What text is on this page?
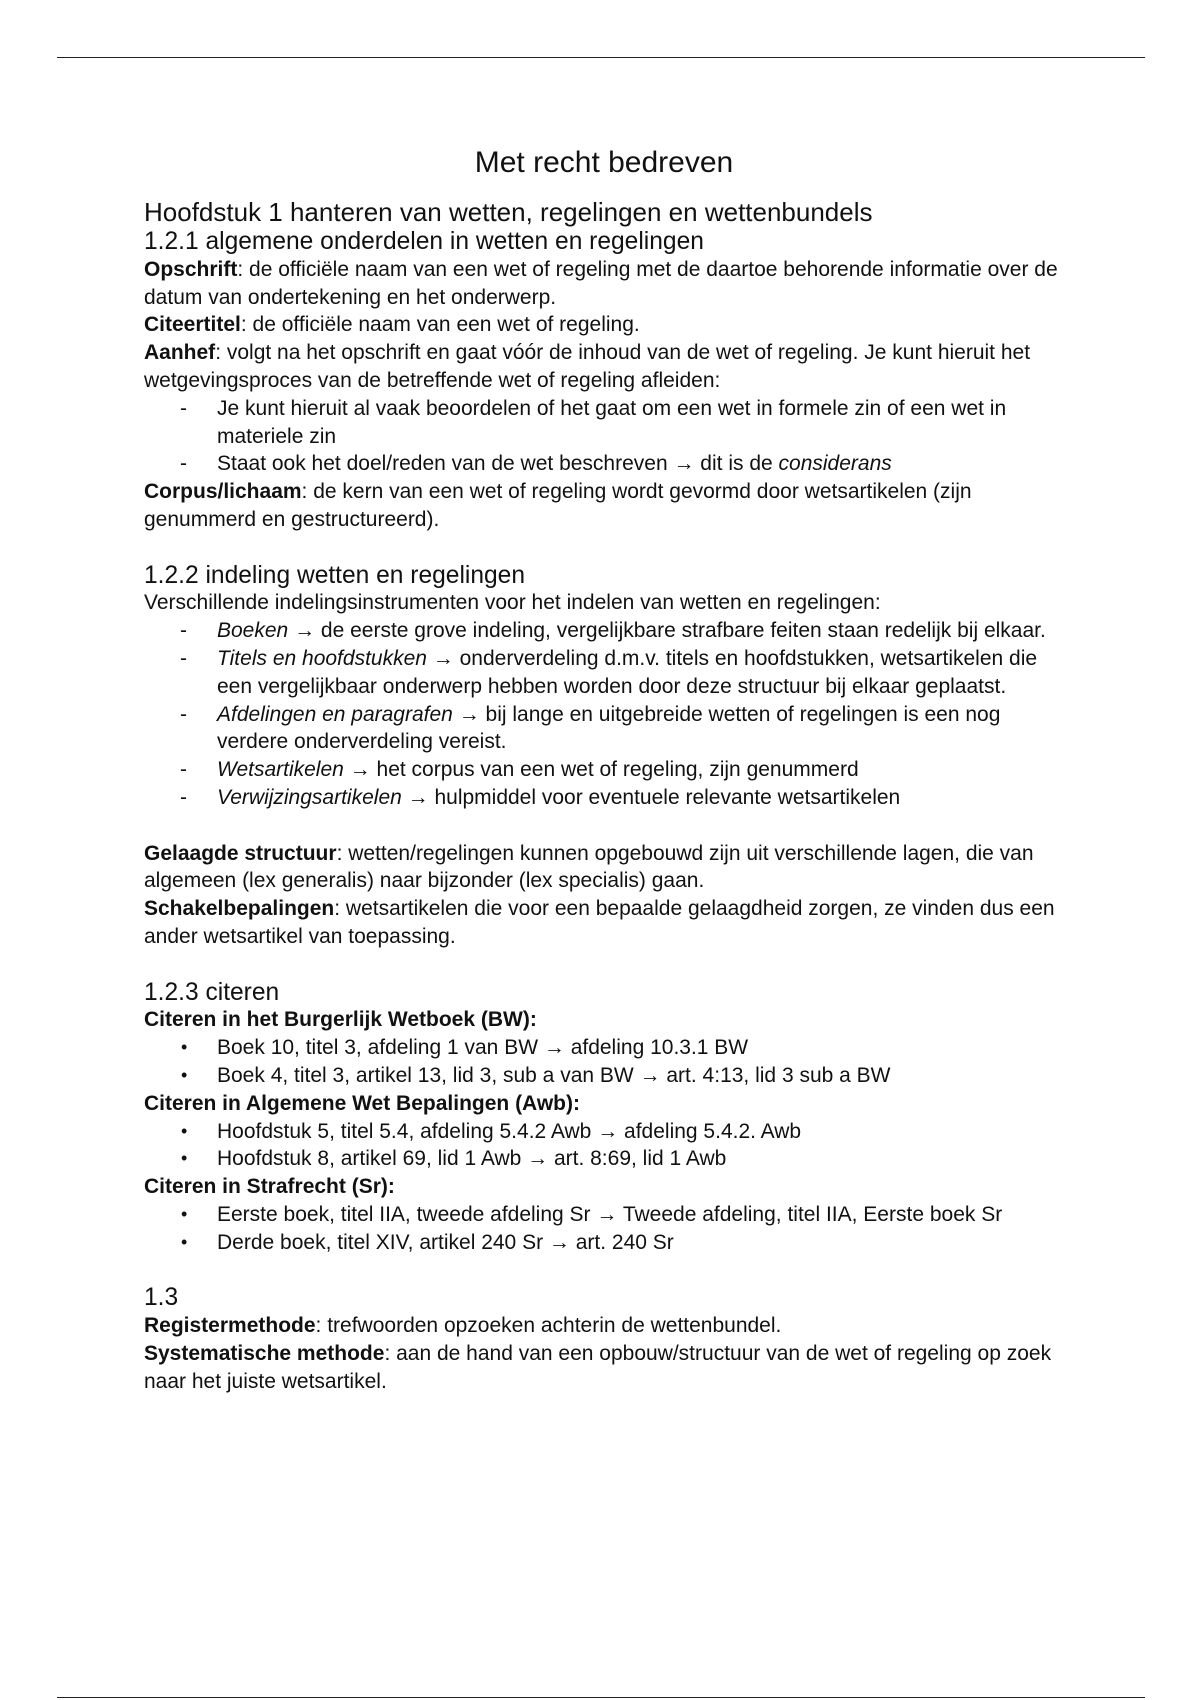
Met recht bedreven
Hoofdstuk 1 hanteren van wetten, regelingen en wettenbundels
1.2.1 algemene onderdelen in wetten en regelingen

Opschrift: de officiële naam van een wet of regeling met de daartoe behorende informatie over de datum van ondertekening en het onderwerp.

Citeertitel: de officiële naam van een wet of regeling.

Aanhef: volgt na het opschrift en gaat vóór de inhoud van de wet of regeling. Je kunt hieruit het wetgevingsproces van de betreffende wet of regeling afleiden:

- Je kunt hieruit al vaak beoordelen of het gaat om een wet in formele zin of een wet in materiele zin
- Staat ook het doel/reden van de wet beschreven → dit is de considerans

Corpus/lichaam: de kern van een wet of regeling wordt gevormd door wetsartikelen (zijn genummerd en gestructureerd).

1.2.2 indeling wetten en regelingen

Verschillende indelingsinstrumenten voor het indelen van wetten en regelingen:

- Boeken → de eerste grove indeling, vergelijkbare strafbare feiten staan redelijk bij elkaar.
- Titels en hoofdstukken → onderverdeling d.m.v. titels en hoofdstukken, wetsartikelen die een vergelijkbaar onderwerp hebben worden door deze structuur bij elkaar geplaatst.
- Afdelingen en paragrafen → bij lange en uitgebreide wetten of regelingen is een nog verdere onderverdeling vereist.
- Wetsartikelen → het corpus van een wet of regeling, zijn genummerd
- Verwijzingsartikelen → hulpmiddel voor eventuele relevante wetsartikelen

Gelaagde structuur: wetten/regelingen kunnen opgebouwd zijn uit verschillende lagen, die van algemeen (lex generalis) naar bijzonder (lex specialis) gaan.

Schakelbepalingen: wetsartikelen die voor een bepaalde gelaagdheid zorgen, ze vinden dus een ander wetsartikel van toepassing.

1.2.3 citeren

Citeren in het Burgerlijk Wetboek (BW):

• Boek 10, titel 3, afdeling 1 van BW → afdeling 10.3.1 BW
• Boek 4, titel 3, artikel 13, lid 3, sub a van BW → art. 4:13, lid 3 sub a BW

Citeren in Algemene Wet Bepalingen (Awb):

• Hoofdstuk 5, titel 5.4, afdeling 5.4.2 Awb → afdeling 5.4.2. Awb
• Hoofdstuk 8, artikel 69, lid 1 Awb → art. 8:69, lid 1 Awb

Citeren in Strafrecht (Sr):

• Eerste boek, titel IIA, tweede afdeling Sr → Tweede afdeling, titel IIA, Eerste boek Sr
• Derde boek, titel XIV, artikel 240 Sr → art. 240 Sr
1.3

Registermethode: trefwoorden opzoeken achterin de wettenbundel.

Systematische methode: aan de hand van een opbouw/structuur van de wet of regeling op zoek naar het juiste wetsartikel.
